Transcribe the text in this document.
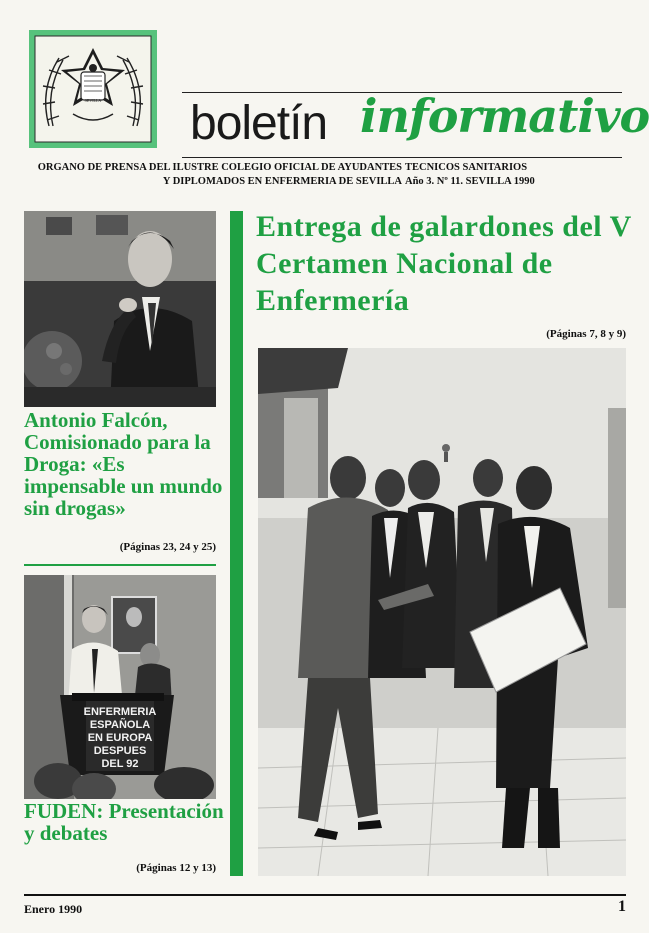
SEVILLA boletín informativo
ORGANO DE PRENSA DEL ILUSTRE COLEGIO OFICIAL DE AYUDANTES
Y DIPLOMADOS EN ENFERMERIA DE SEVILLA
TECNICOS SANITARIOS
Año 3. Nº 11. SEVILLA 1990
Antonio Falcón, Comisionado para la Droga: «Es impensable un mundo sin drogas»
(Páginas 23, 24 y 25)
ENFERMERIA
ESPAÑOLA
EN EUROPA
DESPUES
DEL 92
FUDEN: Presentación y debates
(Páginas 12 y 13)
Entrega de galardones del V Certamen Nacional de Enfermería
(Páginas 7, 8 y 9)
Enero 1990	1
